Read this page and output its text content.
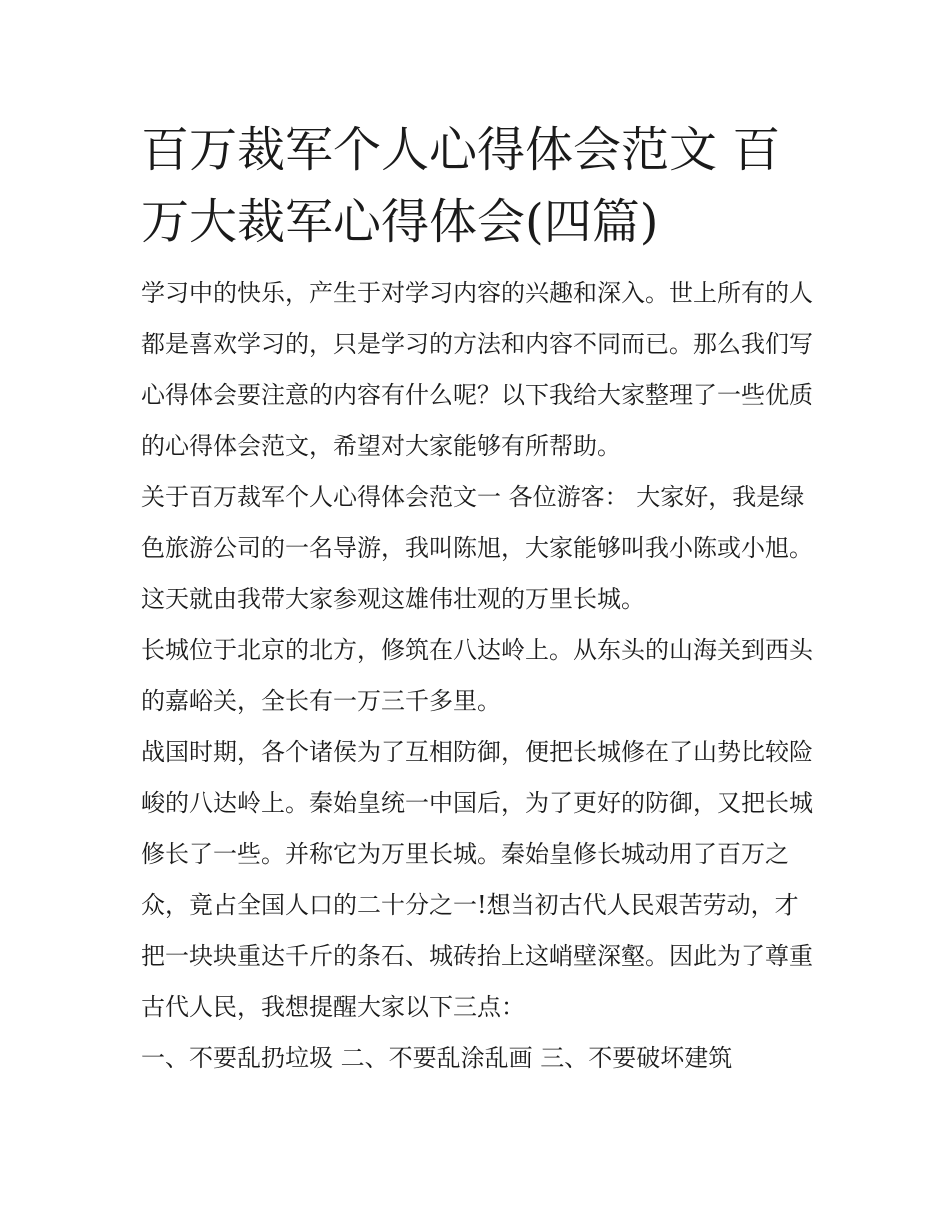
百万裁军个人心得体会范文 百万大裁军心得体会(四篇)

学习中的快乐，产生于对学习内容的兴趣和深入。世上所有的人都是喜欢学习的，只是学习的方法和内容不同而已。那么我们写心得体会要注意的内容有什么呢？以下我给大家整理了一些优质的心得体会范文，希望对大家能够有所帮助。

关于百万裁军个人心得体会范文一 各位游客： 大家好，我是绿色旅游公司的一名导游，我叫陈旭，大家能够叫我小陈或小旭。这天就由我带大家参观这雄伟壮观的万里长城。

长城位于北京的北方，修筑在八达岭上。从东头的山海关到西头的嘉峪关，全长有一万三千多里。

战国时期，各个诸侯为了互相防御，便把长城修在了山势比较险峻的八达岭上。秦始皇统一中国后，为了更好的防御，又把长城修长了一些。并称它为万里长城。秦始皇修长城动用了百万之众，竟占全国人口的二十分之一!想当初古代人民艰苦劳动，才把一块块重达千斤的条石、城砖抬上这峭壁深壑。因此为了尊重古代人民，我想提醒大家以下三点：

一、不要乱扔垃圾 二、不要乱涂乱画 三、不要破坏建筑
